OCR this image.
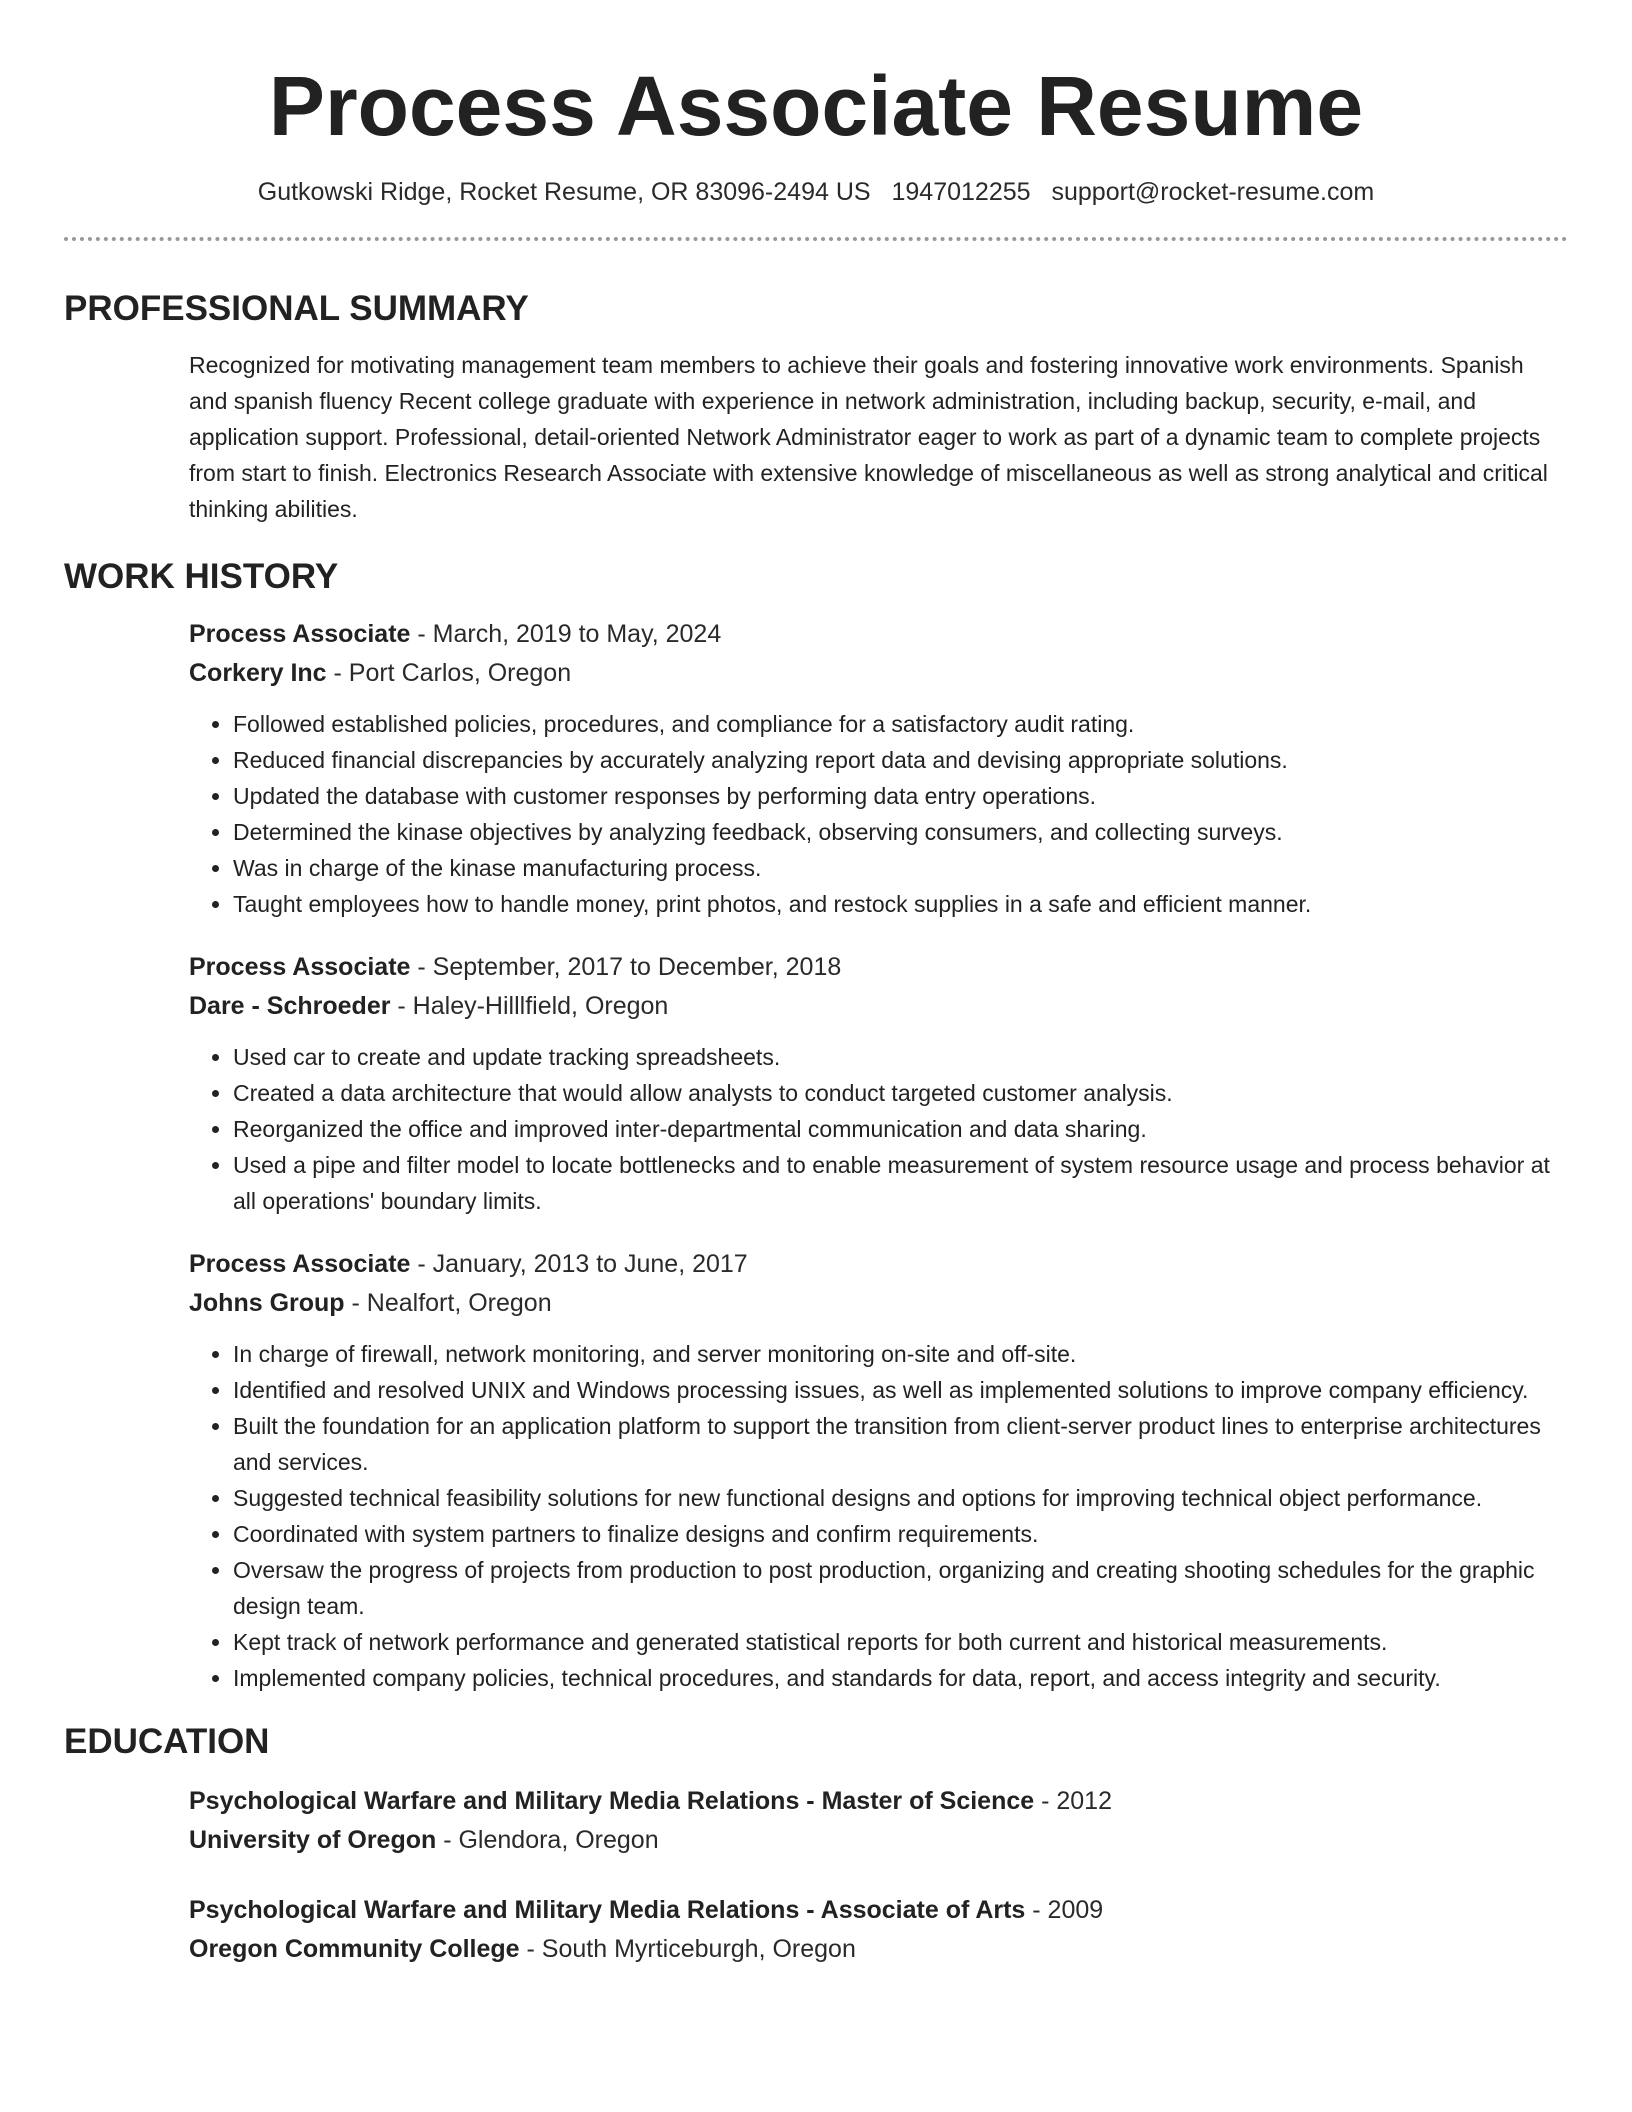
Process Associate Resume
Gutkowski Ridge, Rocket Resume, OR 83096-2494 US 1947012255 support@rocket-resume.com
PROFESSIONAL SUMMARY
Recognized for motivating management team members to achieve their goals and fostering innovative work environments. Spanish and spanish fluency Recent college graduate with experience in network administration, including backup, security, e-mail, and application support. Professional, detail-oriented Network Administrator eager to work as part of a dynamic team to complete projects from start to finish. Electronics Research Associate with extensive knowledge of miscellaneous as well as strong analytical and critical thinking abilities.
WORK HISTORY
Process Associate - March, 2019 to May, 2024
Corkery Inc - Port Carlos, Oregon
• Followed established policies, procedures, and compliance for a satisfactory audit rating.
• Reduced financial discrepancies by accurately analyzing report data and devising appropriate solutions.
• Updated the database with customer responses by performing data entry operations.
• Determined the kinase objectives by analyzing feedback, observing consumers, and collecting surveys.
• Was in charge of the kinase manufacturing process.
• Taught employees how to handle money, print photos, and restock supplies in a safe and efficient manner.
Process Associate - September, 2017 to December, 2018
Dare - Schroeder - Haley-Hilllfield, Oregon
• Used car to create and update tracking spreadsheets.
• Created a data architecture that would allow analysts to conduct targeted customer analysis.
• Reorganized the office and improved inter-departmental communication and data sharing.
• Used a pipe and filter model to locate bottlenecks and to enable measurement of system resource usage and process behavior at all operations' boundary limits.
Process Associate - January, 2013 to June, 2017
Johns Group - Nealfort, Oregon
• In charge of firewall, network monitoring, and server monitoring on-site and off-site.
• Identified and resolved UNIX and Windows processing issues, as well as implemented solutions to improve company efficiency.
• Built the foundation for an application platform to support the transition from client-server product lines to enterprise architectures and services.
• Suggested technical feasibility solutions for new functional designs and options for improving technical object performance.
• Coordinated with system partners to finalize designs and confirm requirements.
• Oversaw the progress of projects from production to post production, organizing and creating shooting schedules for the graphic design team.
• Kept track of network performance and generated statistical reports for both current and historical measurements.
• Implemented company policies, technical procedures, and standards for data, report, and access integrity and security.
EDUCATION
Psychological Warfare and Military Media Relations - Master of Science - 2012
University of Oregon - Glendora, Oregon
Psychological Warfare and Military Media Relations - Associate of Arts - 2009
Oregon Community College - South Myrticeburgh, Oregon
